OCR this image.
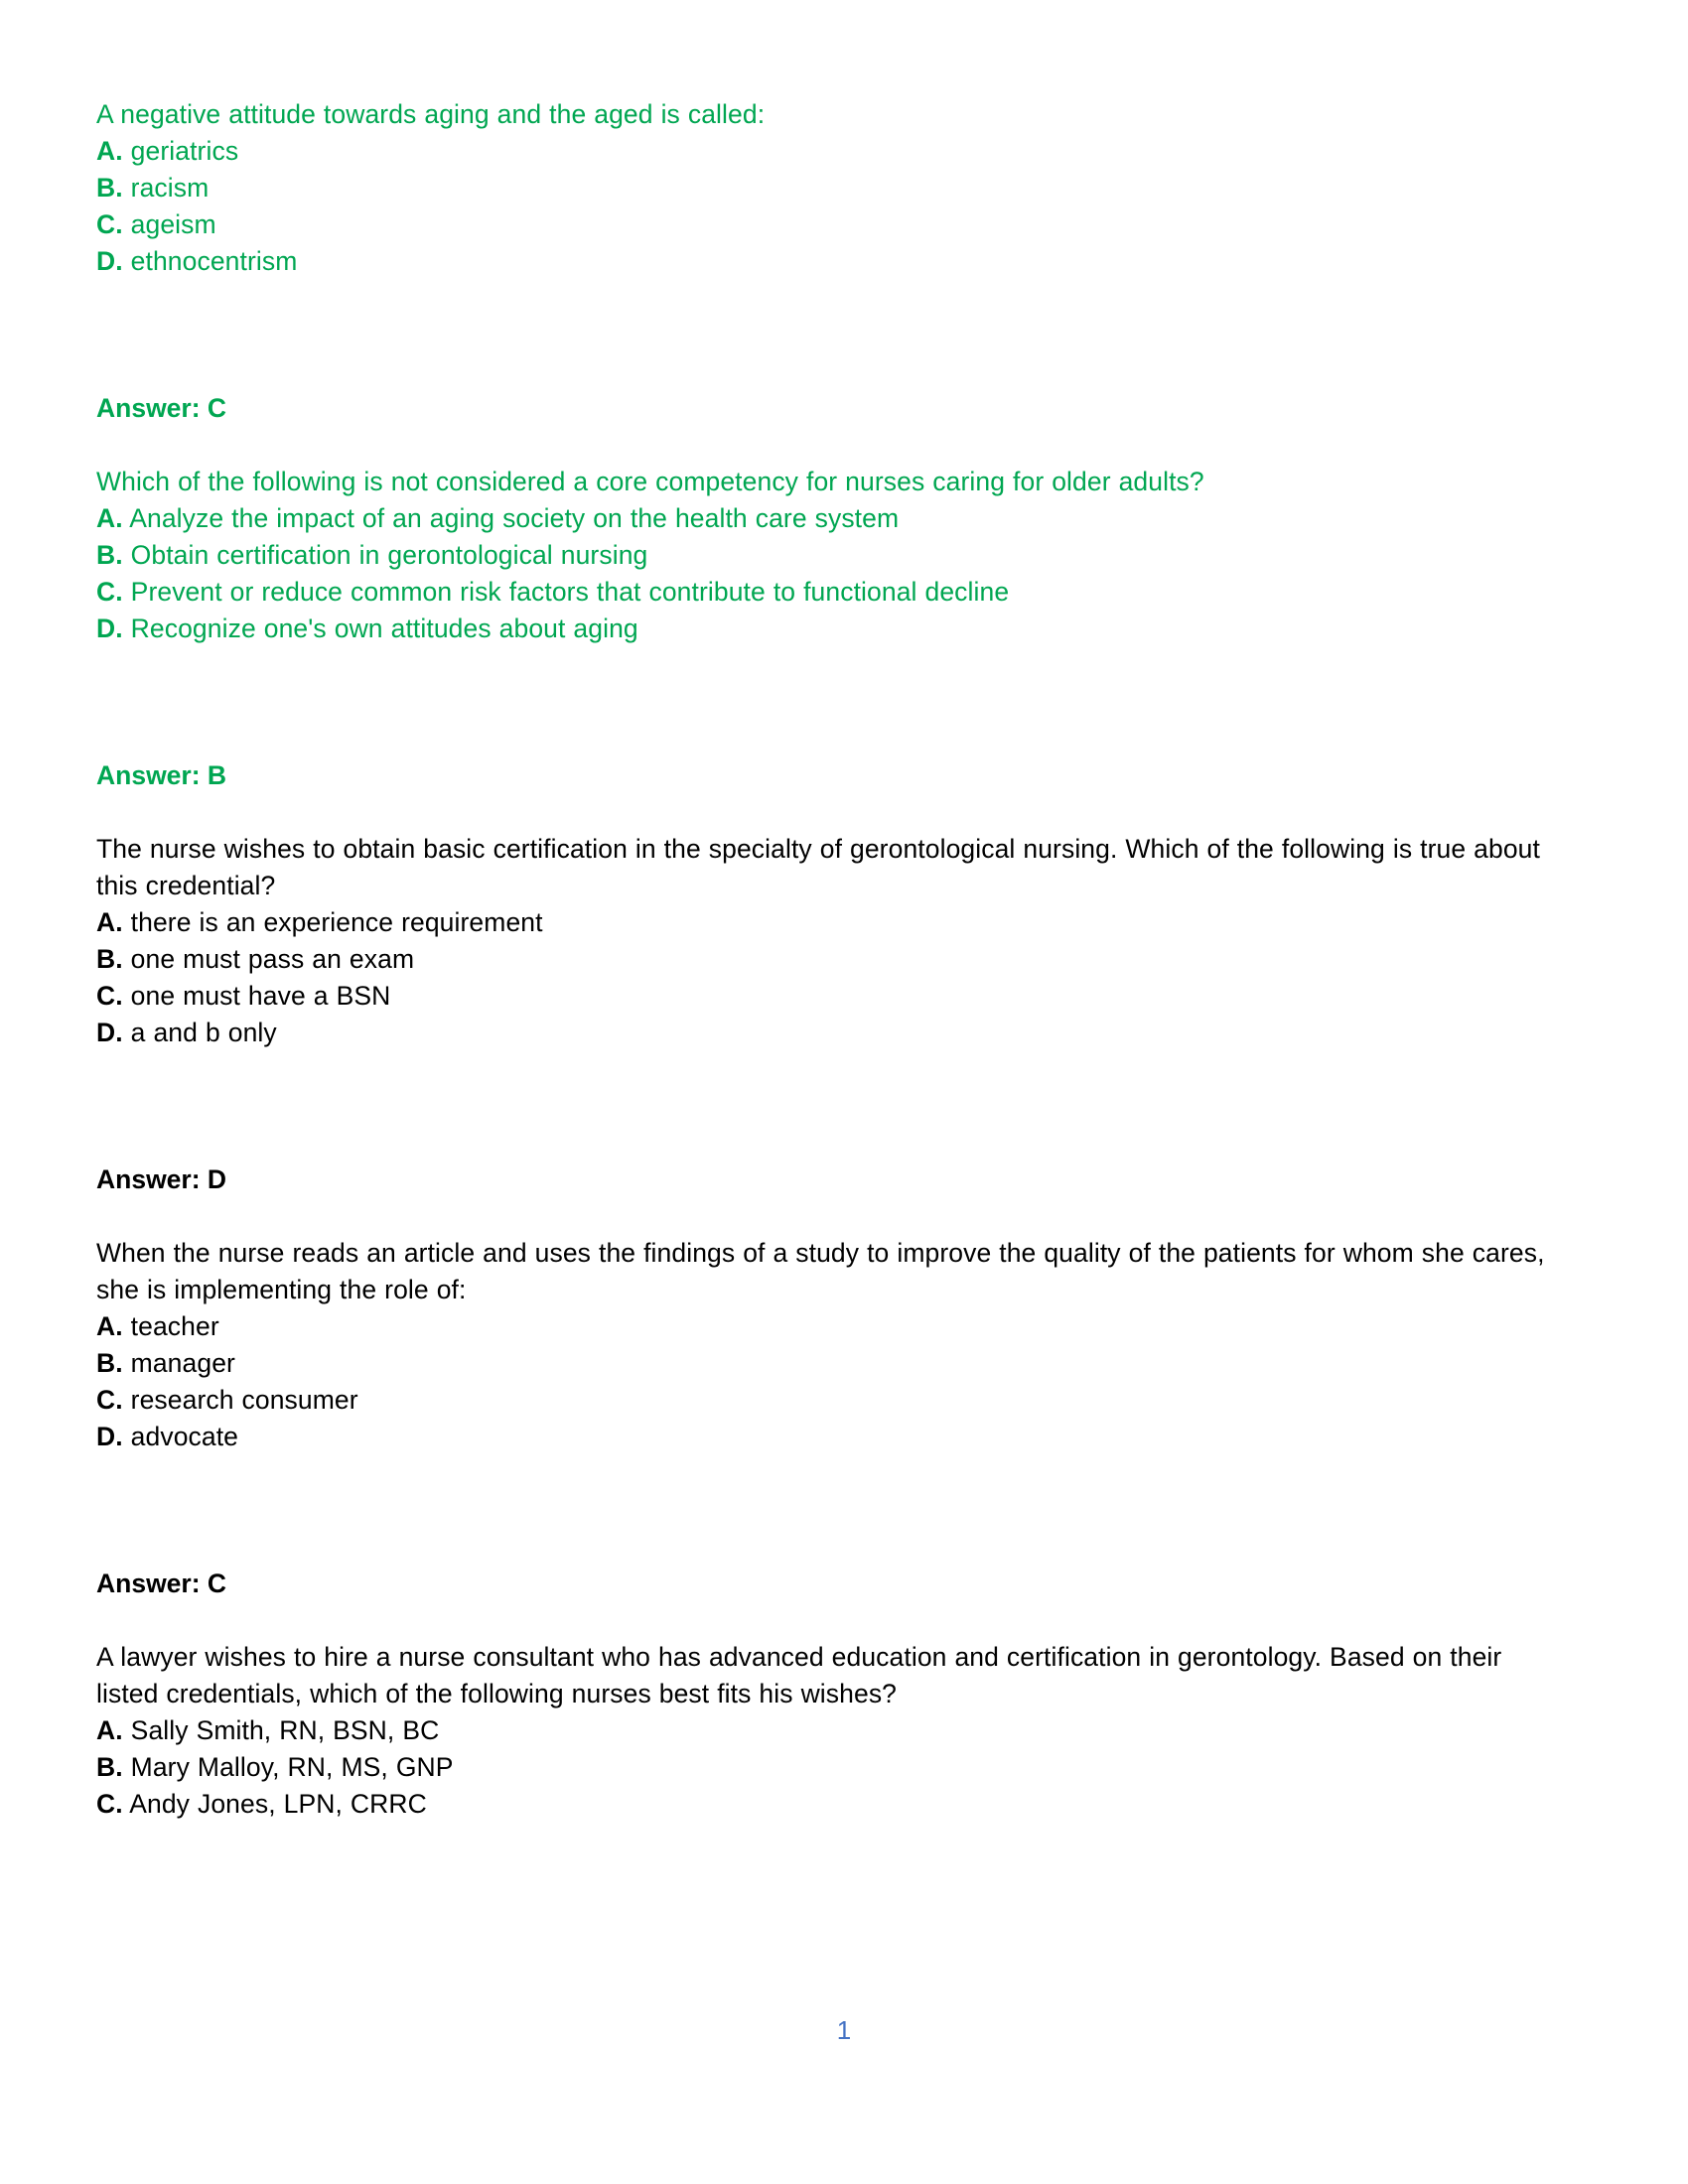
A negative attitude towards aging and the aged is called:
A. geriatrics
B. racism
C. ageism
D. ethnocentrism
Answer: C
Which of the following is not considered a core competency for nurses caring for older adults?
A. Analyze the impact of an aging society on the health care system
B. Obtain certification in gerontological nursing
C. Prevent or reduce common risk factors that contribute to functional decline
D. Recognize one's own attitudes about aging
Answer: B
The nurse wishes to obtain basic certification in the specialty of gerontological nursing. Which of the following is true about this credential?
A. there is an experience requirement
B. one must pass an exam
C. one must have a BSN
D. a and b only
Answer: D
When the nurse reads an article and uses the findings of a study to improve the quality of the patients for whom she cares, she is implementing the role of:
A. teacher
B. manager
C. research consumer
D. advocate
Answer: C
A lawyer wishes to hire a nurse consultant who has advanced education and certification in gerontology. Based on their listed credentials, which of the following nurses best fits his wishes?
A. Sally Smith, RN, BSN, BC
B. Mary Malloy, RN, MS, GNP
C. Andy Jones, LPN, CRRC
1
